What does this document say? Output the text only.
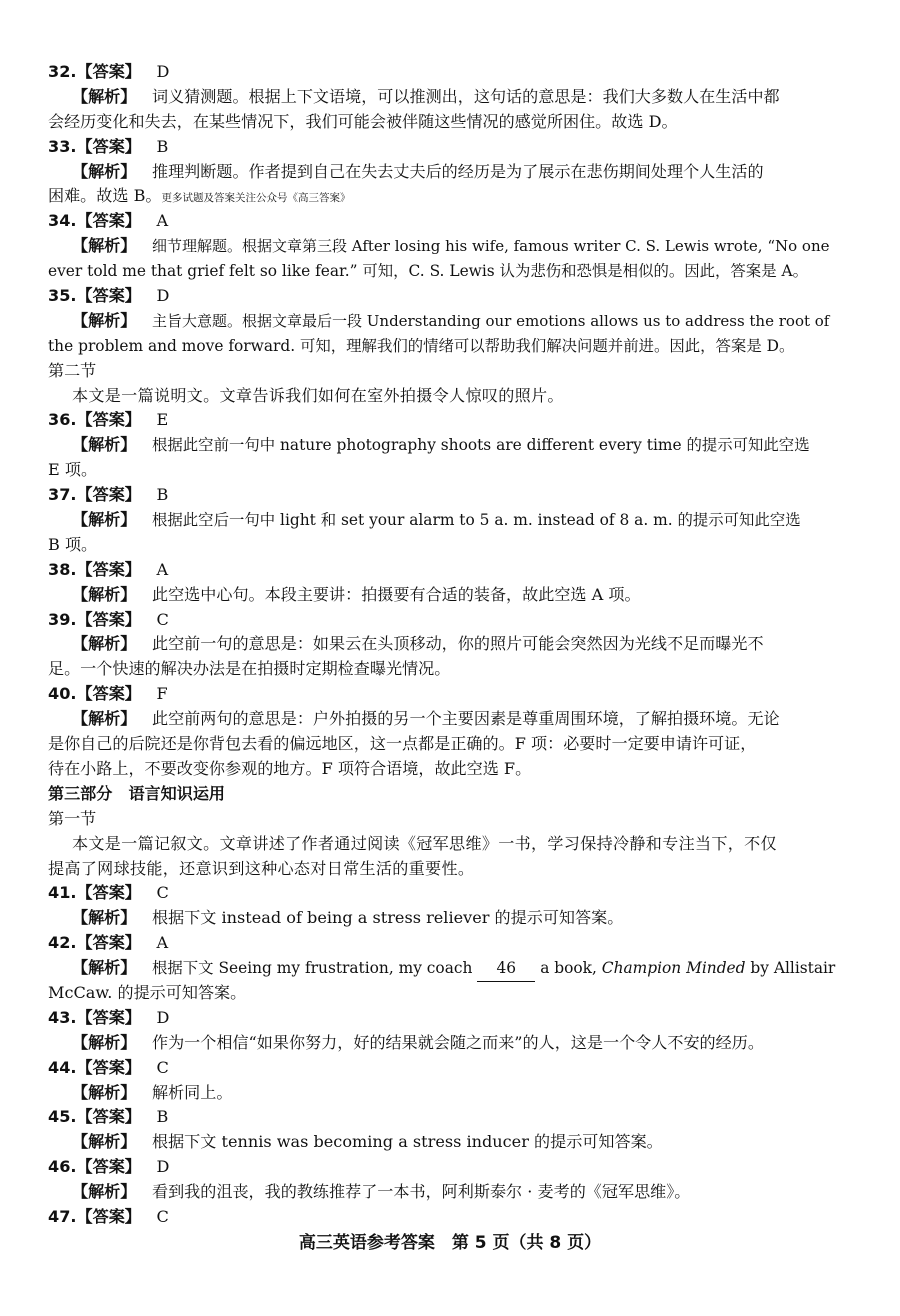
32.【答案】 D
【解析】 词义猜测题。根据上下文语境，可以推测出，这句话的意思是：我们大多数人在生活中都
会经历变化和失去，在某些情况下，我们可能会被伴随这些情况的感觉所困住。故选 D。
33.【答案】 B
【解析】 推理判断题。作者提到自己在失去丈夫后的经历是为了展示在悲伤期间处理个人生活的
困难。故选 B。更多试题及答案关注公众号《高三答案》
34.【答案】 A
【解析】 细节理解题。根据文章第三段 After losing his wife, famous writer C. S. Lewis wrote, “No one
ever told me that grief felt so like fear.” 可知，C. S. Lewis 认为悲伤和恐惧是相似的。因此，答案是 A。
35.【答案】 D
【解析】 主旨大意题。根据文章最后一段 Understanding our emotions allows us to address the root of
the problem and move forward. 可知，理解我们的情绪可以帮助我们解决问题并前进。因此，答案是 D。
第二节
本文是一篇说明文。文章告诉我们如何在室外拍摄令人惊叹的照片。
36.【答案】 E
【解析】 根据此空前一句中 nature photography shoots are different every time 的提示可知此空选
E 项。
37.【答案】 B
【解析】 根据此空后一句中 light 和 set your alarm to 5 a. m. instead of 8 a. m. 的提示可知此空选
B 项。
38.【答案】 A
【解析】 此空选中心句。本段主要讲：拍摄要有合适的装备，故此空选 A 项。
39.【答案】 C
【解析】 此空前一句的意思是：如果云在头顶移动，你的照片可能会突然因为光线不足而曝光不
足。一个快速的解决办法是在拍摄时定期检查曝光情况。
40.【答案】 F
【解析】 此空前两句的意思是：户外拍摄的另一个主要因素是尊重周围环境，了解拍摄环境。无论
是你自己的后院还是你背包去看的偏远地区，这一点都是正确的。F 项：必要时一定要申请许可证，
待在小路上，不要改变你参观的地方。F 项符合语境，故此空选 F。
第三部分　语言知识运用
第一节
本文是一篇记叙文。文章讲述了作者通过阅读《冠军思维》一书，学习保持冷静和专注当下，不仅
提高了网球技能，还意识到这种心态对日常生活的重要性。
41.【答案】 C
【解析】 根据下文 instead of being a stress reliever 的提示可知答案。
42.【答案】 A
【解析】 根据下文 Seeing my frustration, my coach 46 a book, Champion Minded by Allistair
McCaw. 的提示可知答案。
43.【答案】 D
【解析】 作为一个相信“如果你努力，好的结果就会随之而来”的人，这是一个令人不安的经历。
44.【答案】 C
【解析】 解析同上。
45.【答案】 B
【解析】 根据下文 tennis was becoming a stress inducer 的提示可知答案。
46.【答案】 D
【解析】 看到我的沮丧，我的教练推荐了一本书，阿利斯泰尔 · 麦考的《冠军思维》。
47.【答案】 C
高三英语参考答案　第 5 页（共 8 页）
